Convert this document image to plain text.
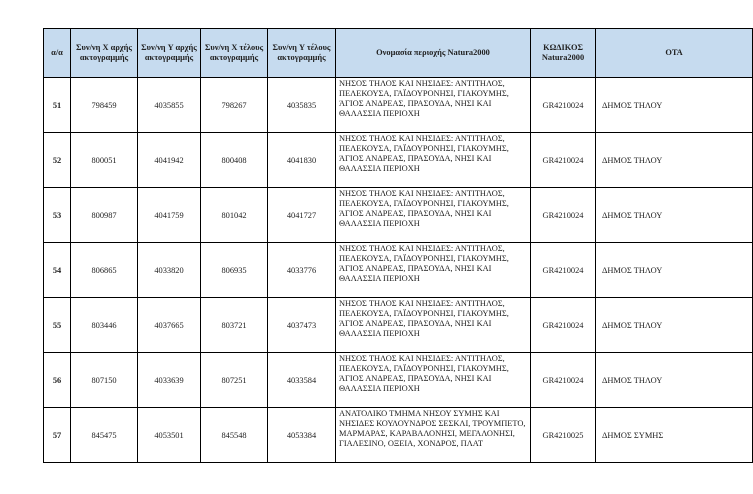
α/α	Συν/νη X αρχής ακτογραμμής	Συν/νη Y αρχής ακτογραμμής	Συν/νη X τέλους ακτογραμμής	Συν/νη Y τέλους ακτογραμμής	Ονομασία περιοχής Natura2000	ΚΩΔΙΚΟΣ Natura2000	ΟΤΑ
51	798459	4035855	798267	4035835	ΝΗΣΟΣ ΤΗΛΟΣ ΚΑΙ ΝΗΣΙΔΕΣ: ΑΝΤΙΤΗΛΟΣ, ΠΕΛΕΚΟΥΣΑ, ΓΑΪΔΟΥΡΟΝΗΣΙ, ΓΙΑΚΟΥΜΗΣ, ΆΓΙΟΣ ΑΝΔΡΕΑΣ, ΠΡΑΣΟΥΔΑ, ΝΗΣΙ ΚΑΙ ΘΑΛΑΣΣΙΑ ΠΕΡΙΟΧΗ	GR4210024	ΔΗΜΟΣ ΤΗΛΟΥ
52	800051	4041942	800408	4041830	ΝΗΣΟΣ ΤΗΛΟΣ ΚΑΙ ΝΗΣΙΔΕΣ: ΑΝΤΙΤΗΛΟΣ, ΠΕΛΕΚΟΥΣΑ, ΓΑΪΔΟΥΡΟΝΗΣΙ, ΓΙΑΚΟΥΜΗΣ, ΆΓΙΟΣ ΑΝΔΡΕΑΣ, ΠΡΑΣΟΥΔΑ, ΝΗΣΙ ΚΑΙ ΘΑΛΑΣΣΙΑ ΠΕΡΙΟΧΗ	GR4210024	ΔΗΜΟΣ ΤΗΛΟΥ
53	800987	4041759	801042	4041727	ΝΗΣΟΣ ΤΗΛΟΣ ΚΑΙ ΝΗΣΙΔΕΣ: ΑΝΤΙΤΗΛΟΣ, ΠΕΛΕΚΟΥΣΑ, ΓΑΪΔΟΥΡΟΝΗΣΙ, ΓΙΑΚΟΥΜΗΣ, ΆΓΙΟΣ ΑΝΔΡΕΑΣ, ΠΡΑΣΟΥΔΑ, ΝΗΣΙ ΚΑΙ ΘΑΛΑΣΣΙΑ ΠΕΡΙΟΧΗ	GR4210024	ΔΗΜΟΣ ΤΗΛΟΥ
54	806865	4033820	806935	4033776	ΝΗΣΟΣ ΤΗΛΟΣ ΚΑΙ ΝΗΣΙΔΕΣ: ΑΝΤΙΤΗΛΟΣ, ΠΕΛΕΚΟΥΣΑ, ΓΑΪΔΟΥΡΟΝΗΣΙ, ΓΙΑΚΟΥΜΗΣ, ΆΓΙΟΣ ΑΝΔΡΕΑΣ, ΠΡΑΣΟΥΔΑ, ΝΗΣΙ ΚΑΙ ΘΑΛΑΣΣΙΑ ΠΕΡΙΟΧΗ	GR4210024	ΔΗΜΟΣ ΤΗΛΟΥ
55	803446	4037665	803721	4037473	ΝΗΣΟΣ ΤΗΛΟΣ ΚΑΙ ΝΗΣΙΔΕΣ: ΑΝΤΙΤΗΛΟΣ, ΠΕΛΕΚΟΥΣΑ, ΓΑΪΔΟΥΡΟΝΗΣΙ, ΓΙΑΚΟΥΜΗΣ, ΆΓΙΟΣ ΑΝΔΡΕΑΣ, ΠΡΑΣΟΥΔΑ, ΝΗΣΙ ΚΑΙ ΘΑΛΑΣΣΙΑ ΠΕΡΙΟΧΗ	GR4210024	ΔΗΜΟΣ ΤΗΛΟΥ
56	807150	4033639	807251	4033584	ΝΗΣΟΣ ΤΗΛΟΣ ΚΑΙ ΝΗΣΙΔΕΣ: ΑΝΤΙΤΗΛΟΣ, ΠΕΛΕΚΟΥΣΑ, ΓΑΪΔΟΥΡΟΝΗΣΙ, ΓΙΑΚΟΥΜΗΣ, ΆΓΙΟΣ ΑΝΔΡΕΑΣ, ΠΡΑΣΟΥΔΑ, ΝΗΣΙ ΚΑΙ ΘΑΛΑΣΣΙΑ ΠΕΡΙΟΧΗ	GR4210024	ΔΗΜΟΣ ΤΗΛΟΥ
57	845475	4053501	845548	4053384	ΑΝΑΤΟΛΙΚΟ ΤΜΗΜΑ ΝΗΣΟΥ ΣΥΜΗΣ ΚΑΙ ΝΗΣΙΔΕΣ ΚΟΥΛΟΥΝΔΡΟΣ ΣΕΣΚΛΙ, ΤΡΟΥΜΠΕΤΟ, ΜΑΡΜΑΡΑΣ, ΚΑΡΑΒΑΛΟΝΗΣΙ, ΜΕΓΑΛΟΝΗΣΙ, ΓΙΑΛΕΣΙΝΟ, ΟΞΕΙΑ, ΧΟΝΔΡΟΣ, ΠΛΑΤ	GR4210025	ΔΗΜΟΣ ΣΥΜΗΣ
